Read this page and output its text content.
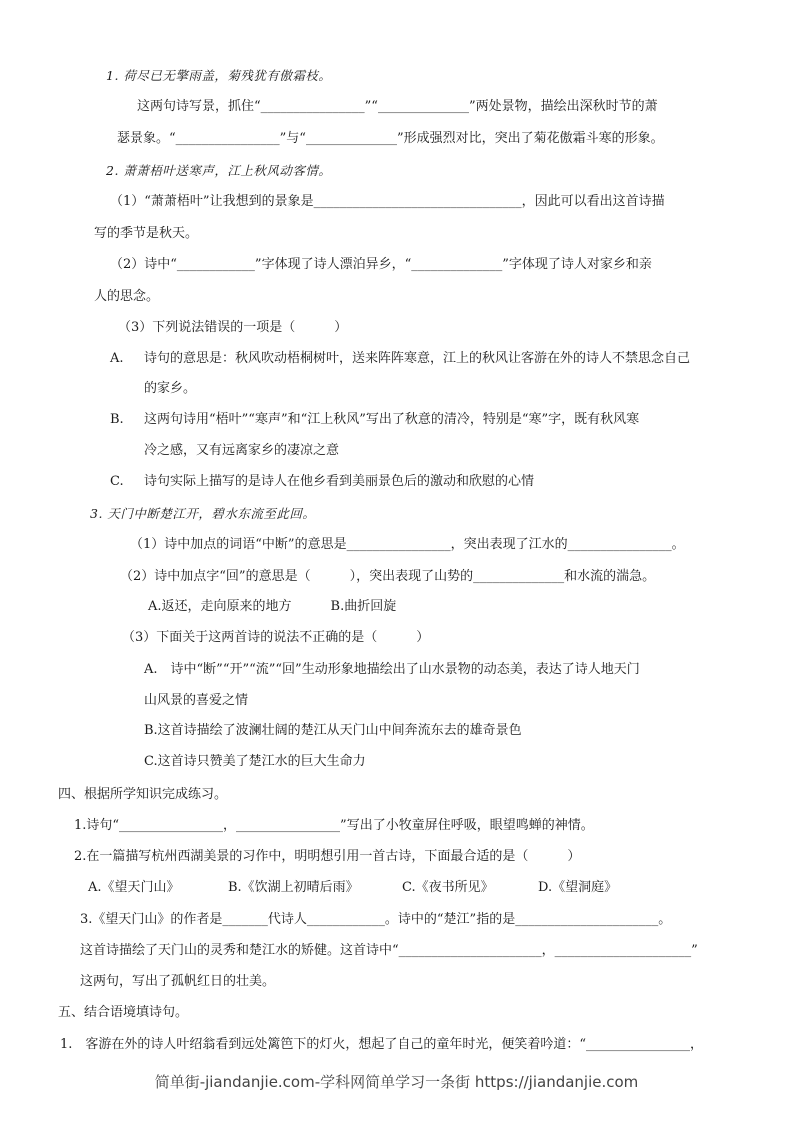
1. 荷尽已无擎雨盖，菊残犹有傲霜枝。
这两句诗写景，抓住“________________”“______________”两处景物，描绘出深秋时节的萧
瑟景象。“________________”与“______________”形成强烈对比，突出了菊花傲霜斗寒的形象。
2. 萧萧梧叶送寒声，江上秋风动客情。
（1）“萧萧梧叶”让我想到的景象是________________________________，因此可以看出这首诗描
写的季节是秋天。
（2）诗中“____________”字体现了诗人漂泊异乡，“______________”字体现了诗人对家乡和亲
人的思念。
（3）下列说法错误的一项是（　　　）
A. 诗句的意思是：秋风吹动梧桐树叶，送来阵阵寒意，江上的秋风让客游在外的诗人不禁思念自己
的家乡。
B. 这两句诗用“梧叶”“寒声”和“江上秋风”写出了秋意的清冷，特别是“寒”字，既有秋风寒
冷之感，又有远离家乡的凄凉之意
C. 诗句实际上描写的是诗人在他乡看到美丽景色后的激动和欣慰的心情
3. 天门中断楚江开，碧水东流至此回。
（1）诗中加点的词语“中断”的意思是________________，突出表现了江水的________________。
（2）诗中加点字“回”的意思是（　　　），突出表现了山势的______________和水流的湍急。
A.返还，走向原来的地方　　　B.曲折回旋
（3）下面关于这两首诗的说法不正确的是（　　　）
A.　诗中“断”“开”“流”“回”生动形象地描绘出了山水景物的动态美，表达了诗人地天门
山风景的喜爱之情
B.这首诗描绘了波澜壮阔的楚江从天门山中间奔流东去的雄奇景色
C.这首诗只赞美了楚江水的巨大生命力
四、根据所学知识完成练习。
1.诗句“________________，________________”写出了小牧童屏住呼吸，眼望鸣蝉的神情。
2.在一篇描写杭州西湖美景的习作中，明明想引用一首古诗，下面最合适的是（　　　）
A.《望天门山》	B.《饮湖上初晴后雨》	C.《夜书所见》	D.《望洞庭》
3.《望天门山》的作者是_______代诗人____________。诗中的“楚江”指的是______________________。
这首诗描绘了天门山的灵秀和楚江水的矫健。这首诗中“______________________，_____________________”
这两句，写出了孤帆红日的壮美。
五、结合语境填诗句。
1.　客游在外的诗人叶绍翁看到远处篱笆下的灯火，想起了自己的童年时光，便笑着吟道：“________________，
简单街-jiandanjie.com-学科网简单学习一条街 https://jiandanjie.com
